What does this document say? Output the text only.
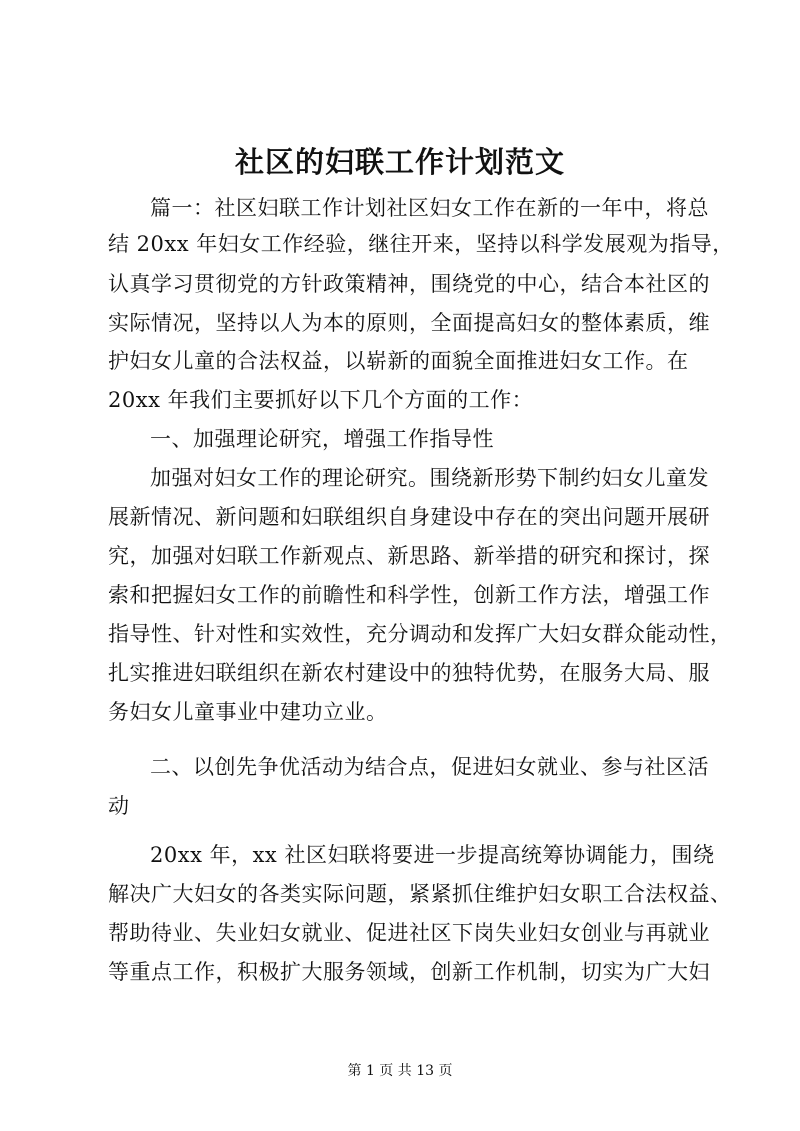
社区的妇联工作计划范文
篇一：社区妇联工作计划社区妇女工作在新的一年中，将总
结 20xx 年妇女工作经验，继往开来，坚持以科学发展观为指导，
认真学习贯彻党的方针政策精神，围绕党的中心，结合本社区的
实际情况，坚持以人为本的原则，全面提高妇女的整体素质，维
护妇女儿童的合法权益，以崭新的面貌全面推进妇女工作。在
20xx 年我们主要抓好以下几个方面的工作：
一、加强理论研究，增强工作指导性
加强对妇女工作的理论研究。围绕新形势下制约妇女儿童发
展新情况、新问题和妇联组织自身建设中存在的突出问题开展研
究，加强对妇联工作新观点、新思路、新举措的研究和探讨，探
索和把握妇女工作的前瞻性和科学性，创新工作方法，增强工作
指导性、针对性和实效性，充分调动和发挥广大妇女群众能动性，
扎实推进妇联组织在新农村建设中的独特优势，在服务大局、服
务妇女儿童事业中建功立业。
二、以创先争优活动为结合点，促进妇女就业、参与社区活
动
20xx 年，xx 社区妇联将要进一步提高统筹协调能力，围绕
解决广大妇女的各类实际问题，紧紧抓住维护妇女职工合法权益、
帮助待业、失业妇女就业、促进社区下岗失业妇女创业与再就业
等重点工作，积极扩大服务领域，创新工作机制，切实为广大妇
第 1 页 共 13 页
